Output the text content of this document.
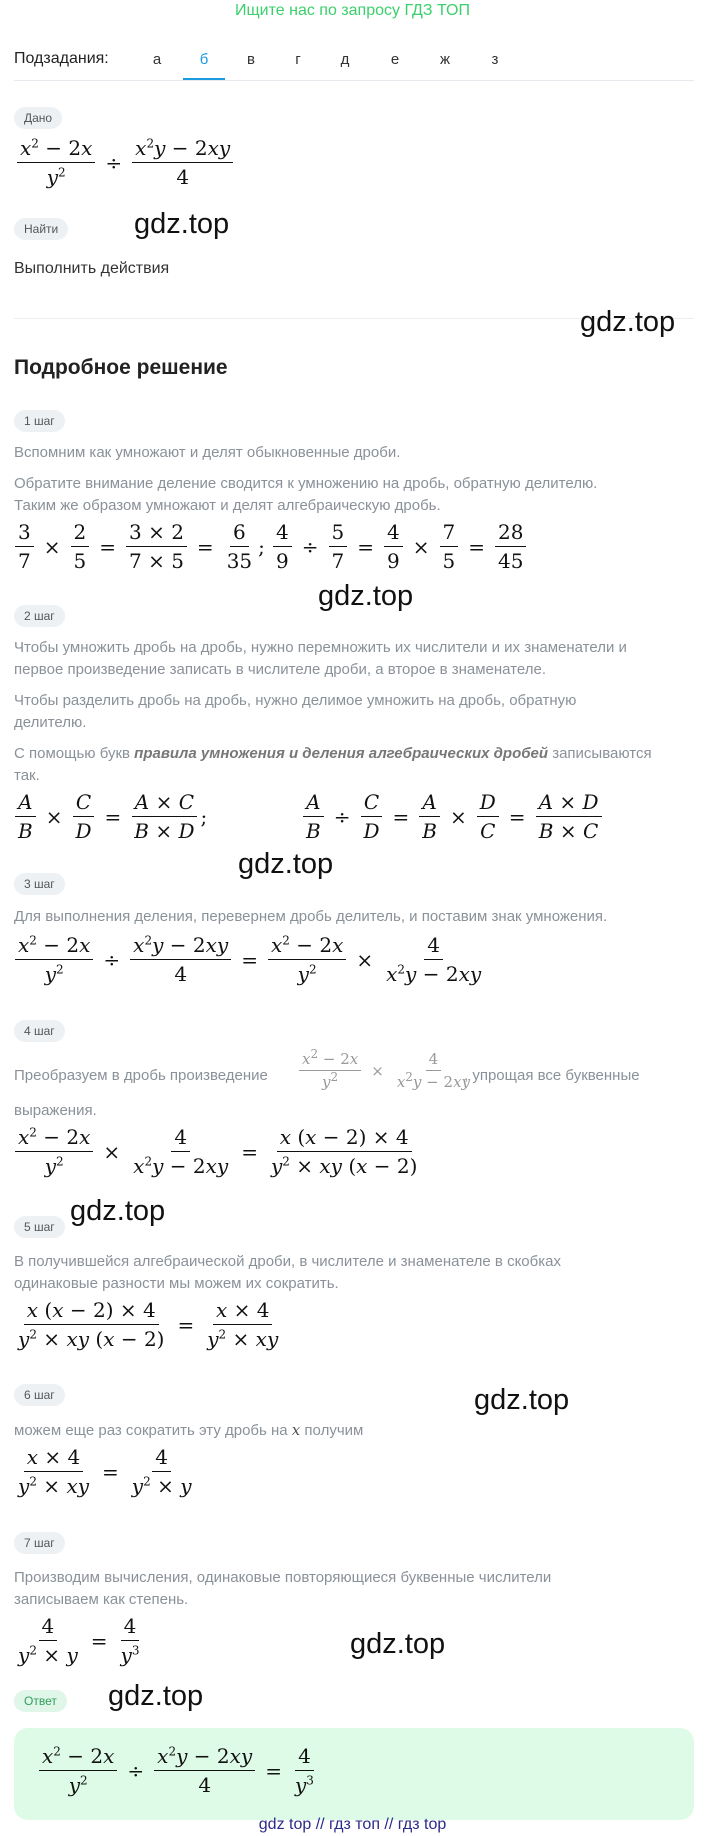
Ищите нас по запросу ГДЗ ТОП
Подзадания:	а	б	в	г	д	е	ж	з
Дано
$\frac{x^2 - 2x}{y^2} \div \frac{x^2y - 2xy}{4}$
Найти	gdz.top
Выполнить действия
gdz.top
Подробное решение
1 шаг
Вспомним как умножают и делят обыкновенные дроби.
Обратите внимание деление сводится к умножению на дробь, обратную делителю.
Таким же образом умножают и делят алгебраическую дробь.
$\frac{3}{7} \times \frac{2}{5} = \frac{3 \times 2}{7 \times 5} = \frac{6}{35}$ ; $\frac{4}{9} \div \frac{5}{7} = \frac{4}{9} \times \frac{7}{5} = \frac{28}{45}$
gdz.top
2 шаг
Чтобы умножить дробь на дробь, нужно перемножить их числители и их знаменатели и
первое произведение записать в числителе дроби, а второе в знаменателе.
Чтобы разделить дробь на дробь, нужно делимое умножить на дробь, обратную
делителю.
С помощью букв правила умножения и деления алгебраических дробей записываются
так.
$\frac{A}{B} \times \frac{C}{D} = \frac{A \times C}{B \times D}$ ;	$\frac{A}{B} \div \frac{C}{D} = \frac{A}{B} \times \frac{D}{C} = \frac{A \times D}{B \times C}$
gdz.top
3 шаг
Для выполнения деления, перевернем дробь делитель, и поставим знак умножения.
$\frac{x^2 - 2x}{y^2} \div \frac{x^2y - 2xy}{4} = \frac{x^2 - 2x}{y^2} \times \frac{4}{x^2y - 2xy}$
4 шаг
Преобразуем в дробь произведение $\frac{x^2 - 2x}{y^2} \times \frac{4}{x^2y - 2xy}$
, упрощая все буквенные
выражения.
$\frac{x^2 - 2x}{y^2} \times \frac{4}{x^2y - 2xy} = \frac{x (x - 2) \times 4}{y^2 \times xy (x - 2)}$
gdz.top
5 шаг
В получившейся алгебраической дроби, в числителе и знаменателе в скобках
одинаковые разности мы можем их сократить.
$\frac{x (x - 2) \times 4}{y^2 \times xy (x - 2)} = \frac{x \times 4}{y^2 \times xy}$
6 шаг	gdz.top
можем еще раз сократить эту дробь на x получим
$\frac{x \times 4}{y^2 \times xy} = \frac{4}{y^2 \times y}$
7 шаг
Производим вычисления, одинаковые повторяющиеся буквенные числители
записываем как степень.
$\frac{4}{y^2 \times y} = \frac{4}{y^3}$	gdz.top
Ответ	gdz.top
$\frac{x^2 - 2x}{y^2} \div \frac{x^2y - 2xy}{4} = \frac{4}{y^3}$
gdz top // гдз топ // гдз top
